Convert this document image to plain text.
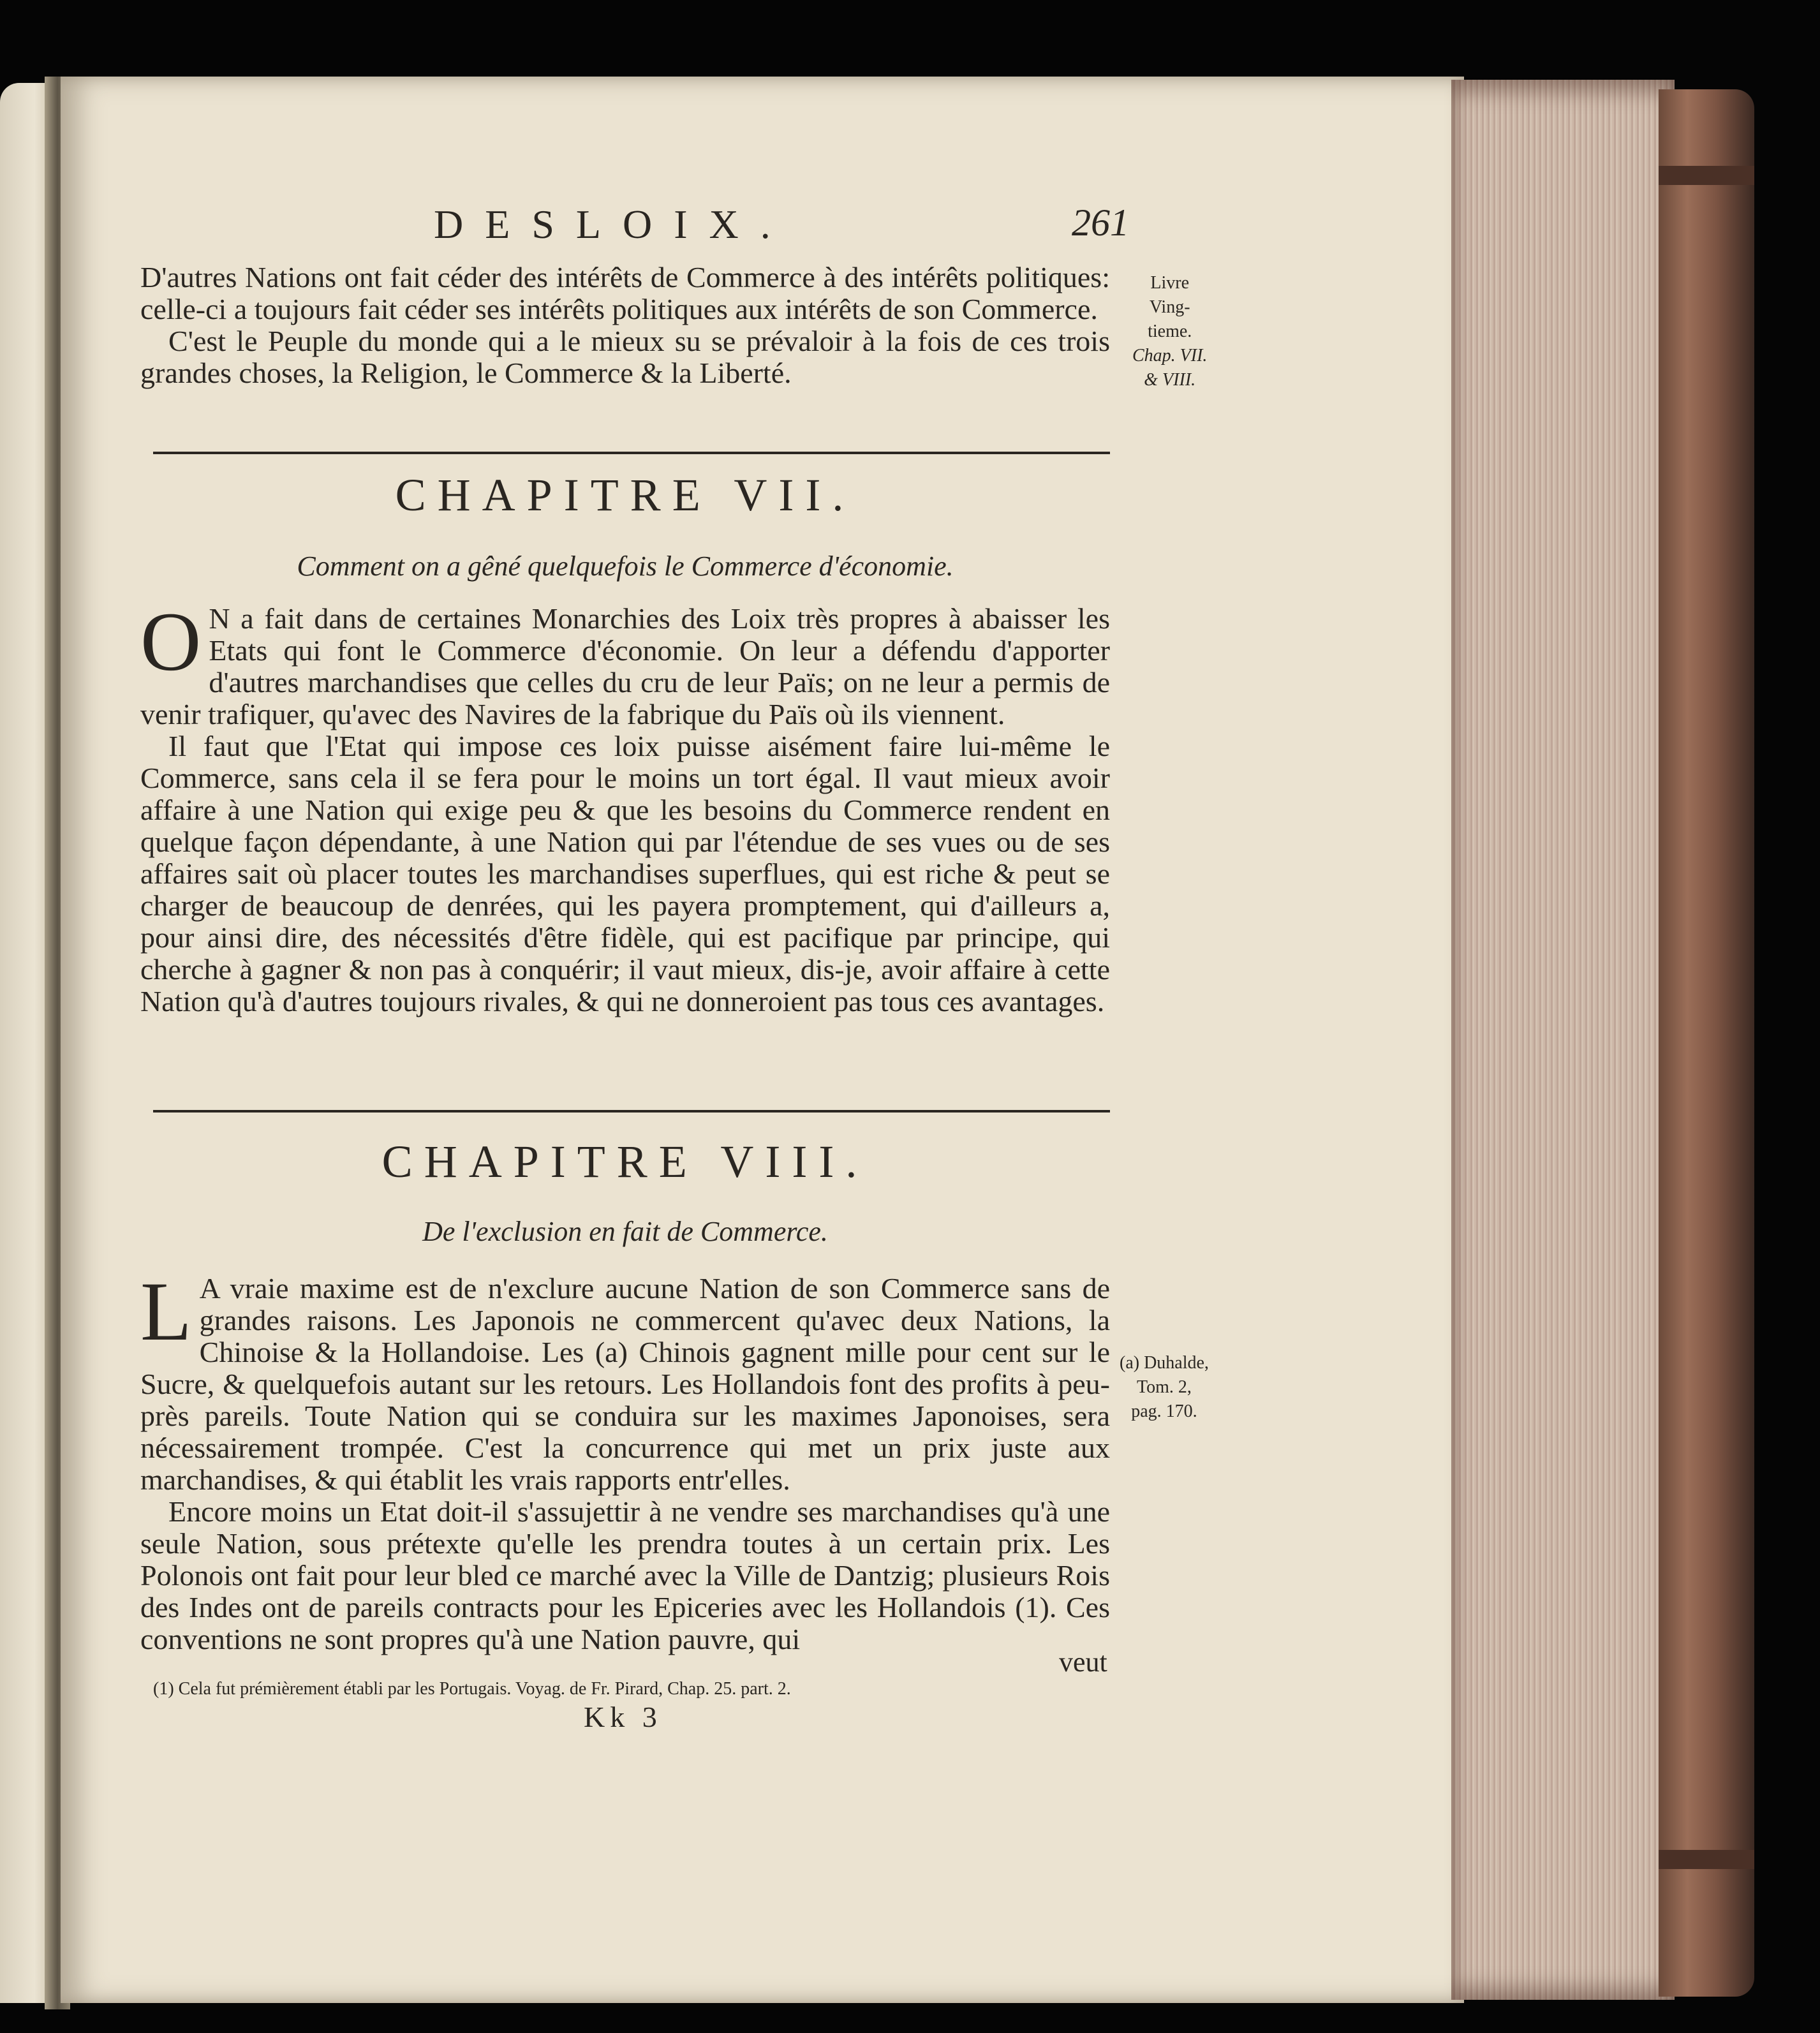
DESLOIX.	261

D'autres Nations ont fait céder des intérêts de Commerce à des intérêts politiques: celle-ci a toujours fait céder ses intérêts politiques aux intérêts de son Commerce.

C'est le Peuple du monde qui a le mieux su se prévaloir à la fois de ces trois grandes choses, la Religion, le Commerce & la Liberté.

Livre
Ving-
tieme.
Chap. VII.
& VIII.
CHAPITRE VII.
Comment on a gêné quelquefois le Commerce d'économie.

O N a fait dans de certaines Monarchies des Loix très propres à abaisser les Etats qui font le Commerce d'économie. On leur a défendu d'apporter d'autres marchandises que celles du cru de leur Païs; on ne leur a permis de venir trafiquer, qu'avec des Navires de la fabrique du Païs où ils viennent.

Il faut que l'Etat qui impose ces loix puisse aisément faire lui-même le Commerce, sans cela il se fera pour le moins un tort égal. Il vaut mieux avoir affaire à une Nation qui exige peu & que les besoins du Commerce rendent en quelque façon dépendante, à une Nation qui par l'étendue de ses vues ou de ses affaires sait où placer toutes les marchandises superflues, qui est riche & peut se charger de beaucoup de denrées, qui les payera promptement, qui d'ailleurs a, pour ainsi dire, des nécessités d'être fidèle, qui est pacifique par principe, qui cherche à gagner & non pas à conquérir; il vaut mieux, dis-je, avoir affaire à cette Nation qu'à d'autres toujours rivales, & qui ne donneroient pas tous ces avantages.

CHAPITRE VIII.
De l'exclusion en fait de Commerce.

L A vraie maxime est de n'exclure aucune Nation de son Commerce sans de grandes raisons. Les Japonois ne commercent qu'avec deux Nations, la Chinoise & la Hollandoise. Les (a) Chinois gagnent mille pour cent sur le Sucre, & quelquefois autant sur les retours. Les Hollandois font des profits à peu-près pareils. Toute Nation qui se conduira sur les maximes Japonoises, sera nécessairement trompée. C'est la concurrence qui met un prix juste aux marchandises, & qui établit les vrais rapports entr'elles.

Encore moins un Etat doit-il s'assujettir à ne vendre ses marchandises qu'à une seule Nation, sous prétexte qu'elle les prendra toutes à un certain prix. Les Polonois ont fait pour leur bled ce marché avec la Ville de Dantzig; plusieurs Rois des Indes ont de pareils contracts pour les Epiceries avec les Hollandois (1). Ces conventions ne sont propres qu'à une Nation pauvre, qui

(a) Duhalde,
Tom. 2,
pag. 170.
veut
(1) Cela fut prémièrement établi par les Portugais. Voyag. de Fr. Pirard, Chap. 25. part. 2.
Kk 3
